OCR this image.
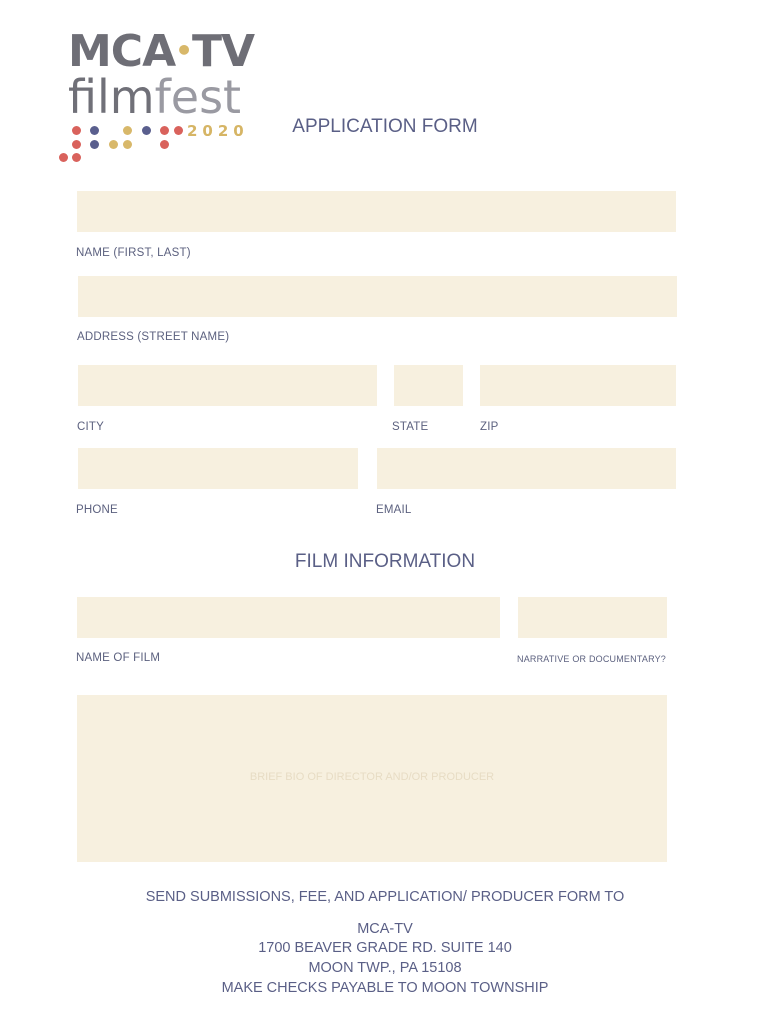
MCA•TV
filmfest
2020	APPLICATION FORM
NAME (FIRST, LAST)
ADDRESS (STREET NAME)
CITY	STATE	ZIP
PHONE	EMAIL
FILM INFORMATION
NAME OF FILM	NARRATIVE OR DOCUMENTARY?
BRIEF BIO OF DIRECTOR AND/OR PRODUCER
SEND SUBMISSIONS, FEE, AND APPLICATION/ PRODUCER FORM TO
MCA-TV
1700 BEAVER GRADE RD. SUITE 140
MOON TWP., PA 15108
MAKE CHECKS PAYABLE TO MOON TOWNSHIP
